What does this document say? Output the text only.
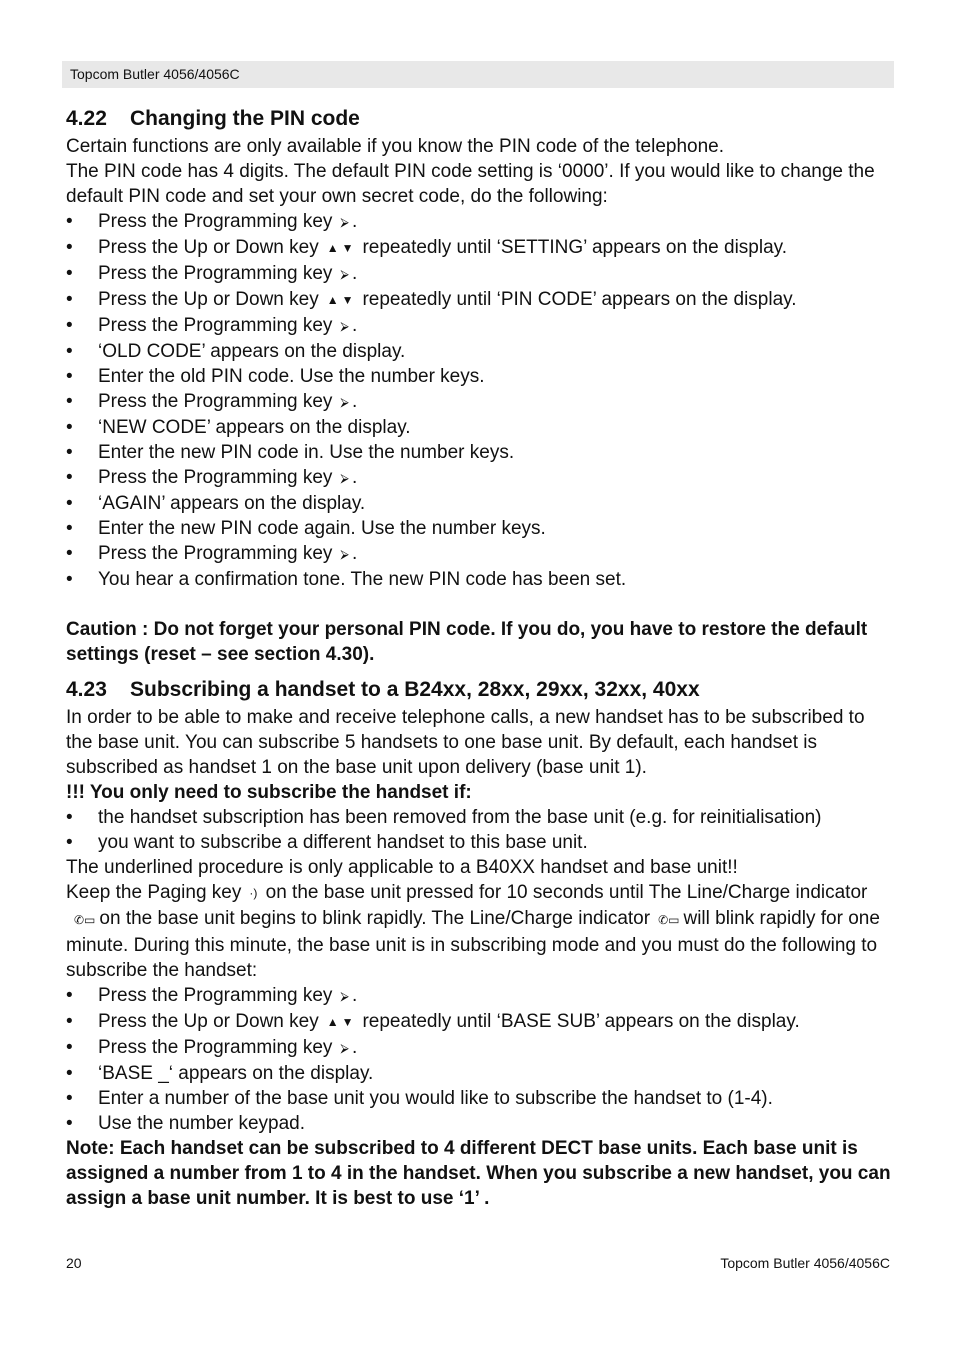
Topcom Butler 4056/4056C
4.22 Changing the PIN code

Certain functions are only available if you know the PIN code of the telephone.

The PIN code has 4 digits. The default PIN code setting is ‘0000’. If you would like to change the default PIN code and set your own secret code, do the following:

• Press the Programming key ⮚ .
• Press the Up or Down key ▲▼ repeatedly until ‘SETTING’ appears on the display.
• Press the Programming key ⮚ .
• Press the Up or Down key ▲▼ repeatedly until ‘PIN CODE’ appears on the display.
• Press the Programming key ⮚ .
• ‘OLD CODE’ appears on the display.
• Enter the old PIN code. Use the number keys.
• Press the Programming key ⮚ .
• ‘NEW CODE’ appears on the display.
• Enter the new PIN code in. Use the number keys.
• Press the Programming key ⮚ .
• ‘AGAIN’ appears on the display.
• Enter the new PIN code again. Use the number keys.
• Press the Programming key ⮚ .
• You hear a confirmation tone. The new PIN code has been set.

Caution : Do not forget your personal PIN code. If you do, you have to restore the default settings (reset – see section 4.30).

4.23 Subscribing a handset to a B24xx, 28xx, 29xx, 32xx, 40xx

In order to be able to make and receive telephone calls, a new handset has to be subscribed to the base unit. You can subscribe 5 handsets to one base unit. By default, each handset is subscribed as handset 1 on the base unit upon delivery (base unit 1).

!!! You only need to subscribe the handset if:

• the handset subscription has been removed from the base unit (e.g. for reinitialisation)
• you want to subscribe a different handset to this base unit.

The underlined procedure is only applicable to a B40XX handset and base unit!!

Keep the Paging key ·) on the base unit pressed for 10 seconds until The Line/Charge indicator✆▭ on the base unit begins to blink rapidly. The Line/Charge indicator ✆▭ will blink rapidly for one minute. During this minute, the base unit is in subscribing mode and you must do the following to subscribe the handset:

• Press the Programming key ⮚ .
• Press the Up or Down key ▲▼ repeatedly until ‘BASE SUB’ appears on the display.
• Press the Programming key ⮚ .
• ‘BASE _‘ appears on the display.
• Enter a number of the base unit you would like to subscribe the handset to (1-4).
• Use the number keypad.

Note: Each handset can be subscribed to 4 different DECT base units. Each base unit is assigned a number from 1 to 4 in the handset. When you subscribe a new handset, you can assign a base unit number. It is best to use ‘1’ .

20	Topcom Butler 4056/4056C
